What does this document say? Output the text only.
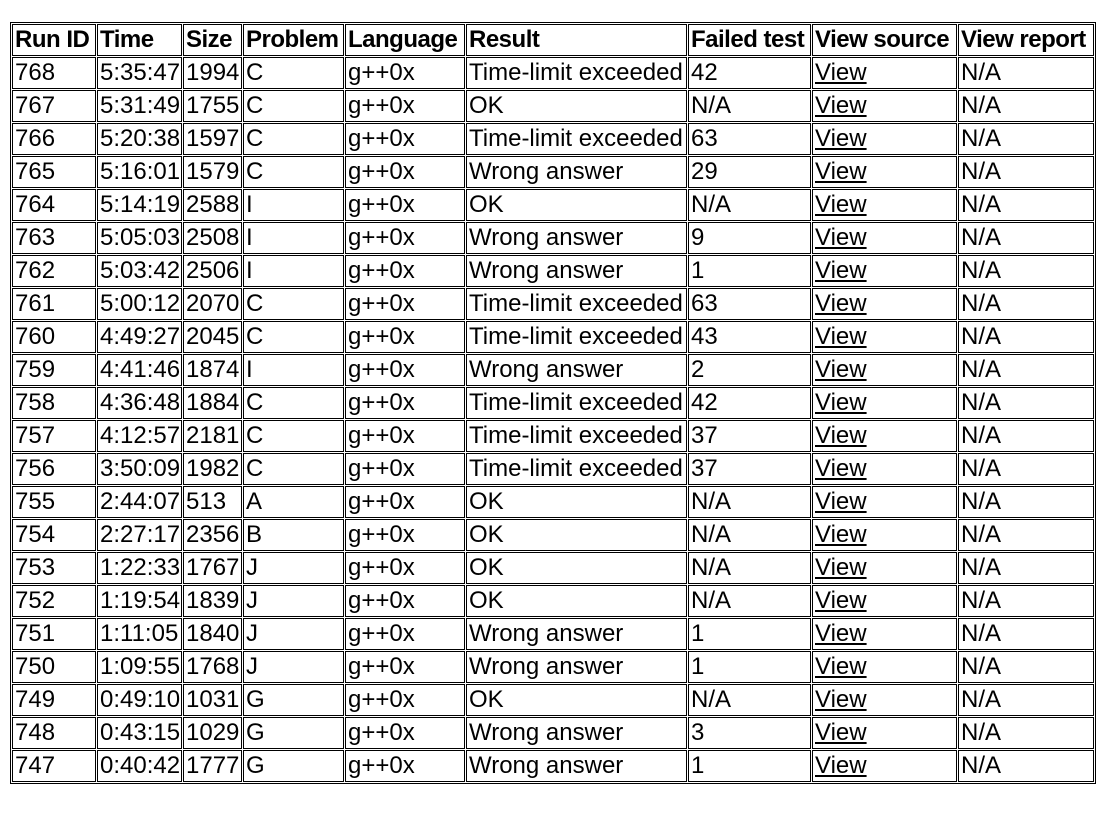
Run ID	Time	Size	Problem	Language	Result	Failed test	View source	View report
768	5:35:47	1994	C	g++0x	Time-limit exceeded	42	View	N/A
767	5:31:49	1755	C	g++0x	OK	N/A	View	N/A
766	5:20:38	1597	C	g++0x	Time-limit exceeded	63	View	N/A
765	5:16:01	1579	C	g++0x	Wrong answer	29	View	N/A
764	5:14:19	2588	I	g++0x	OK	N/A	View	N/A
763	5:05:03	2508	I	g++0x	Wrong answer	9	View	N/A
762	5:03:42	2506	I	g++0x	Wrong answer	1	View	N/A
761	5:00:12	2070	C	g++0x	Time-limit exceeded	63	View	N/A
760	4:49:27	2045	C	g++0x	Time-limit exceeded	43	View	N/A
759	4:41:46	1874	I	g++0x	Wrong answer	2	View	N/A
758	4:36:48	1884	C	g++0x	Time-limit exceeded	42	View	N/A
757	4:12:57	2181	C	g++0x	Time-limit exceeded	37	View	N/A
756	3:50:09	1982	C	g++0x	Time-limit exceeded	37	View	N/A
755	2:44:07	513	A	g++0x	OK	N/A	View	N/A
754	2:27:17	2356	B	g++0x	OK	N/A	View	N/A
753	1:22:33	1767	J	g++0x	OK	N/A	View	N/A
752	1:19:54	1839	J	g++0x	OK	N/A	View	N/A
751	1:11:05	1840	J	g++0x	Wrong answer	1	View	N/A
750	1:09:55	1768	J	g++0x	Wrong answer	1	View	N/A
749	0:49:10	1031	G	g++0x	OK	N/A	View	N/A
748	0:43:15	1029	G	g++0x	Wrong answer	3	View	N/A
747	0:40:42	1777	G	g++0x	Wrong answer	1	View	N/A
